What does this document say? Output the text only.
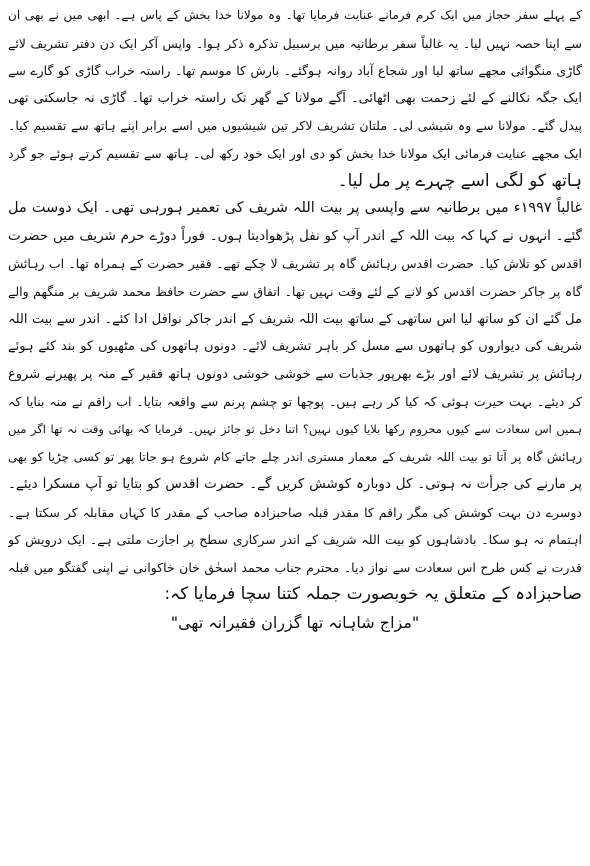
کے پہلے سفر حجاز میں ایک کرم فرمانے عنایت فرمایا تھا۔ وہ مولانا خدا بخش کے پاس ہے۔ ابھی میں نے بھی ان
سے اپنا حصہ نہیں لیا۔ یہ غالباً سفر برطانیہ میں برسبیل تذکرہ ذکر ہوا۔ واپس آکر ایک دن دفتر تشریف لائے
گاڑی منگوائی مجھے ساتھ لیا اور شجاع آباد روانہ ہوگئے۔ بارش کا موسم تھا۔ راستہ خراب گاڑی کو گارے سے
ایک جگہ نکالنے کے لئے زحمت بھی اٹھائی۔ آگے مولانا کے گھر تک راستہ خراب تھا۔ گاڑی نہ جاسکتی تھی
پیدل گئے۔ مولانا سے وہ شیشی لی۔ ملتان تشریف لاکر تین شیشیوں میں اسے برابر اپنے ہاتھ سے تقسیم کیا۔
ایک مجھے عنایت فرمائی ایک مولانا خدا بخش کو دی اور ایک خود رکھ لی۔ ہاتھ سے تقسیم کرتے ہوئے جو گرد
ہاتھ کو لگی اسے چہرے پر مل لیا۔
غالباً ۱۹۹۷ء میں برطانیہ سے واپسی پر بیت اللہ شریف کی تعمیر ہورہی تھی۔ ایک دوست مل
گئے۔ انہوں نے کہا کہ بیت اللہ کے اندر آپ کو نفل پڑھوادیتا ہوں۔ فوراً دوڑے حرم شریف میں حضرت
اقدس کو تلاش کیا۔ حضرت اقدس رہائش گاہ پر تشریف لا چکے تھے۔ فقیر حضرت کے ہمراہ تھا۔ اب رہائش
گاہ پر جاکر حضرت اقدس کو لانے کے لئے وقت نہیں تھا۔ اتفاق سے حضرت حافظ محمد شریف بر منگھم والے
مل گئے ان کو ساتھ لیا اس ساتھی کے ساتھ بیت اللہ شریف کے اندر جاکر نوافل ادا کئے۔ اندر سے بیت اللہ
شریف کی دیواروں کو ہاتھوں سے مسل کر باہر تشریف لائے۔ دونوں ہاتھوں کی مٹھیوں کو بند کئے ہوئے
رہائش پر تشریف لائے اور بڑے بھرپور جذبات سے خوشی خوشی دونوں ہاتھ فقیر کے منہ پر پھیرنے شروع
کر دیئے۔ بہت حیرت ہوئی کہ کیا کر رہے ہیں۔ پوچھا تو چشم پرنم سے واقعہ بتایا۔ اب راقم نے منہ بنایا کہ
ہمیں اس سعادت سے کیوں محروم رکھا بلایا کیوں نہیں؟ اتنا دخل تو جائز نہیں۔ فرمایا کہ بھائی وقت نہ تھا اگر میں
رہائش گاہ پر آتا تو بیت اللہ شریف کے معمار مستری اندر چلے جاتے کام شروع ہو جاتا پھر تو کسی چڑیا کو بھی
پر مارنے کی جرأت نہ ہوتی۔ کل دوبارہ کوشش کریں گے۔ حضرت اقدس کو بتایا تو آپ مسکرا دیئے۔
دوسرے دن بہت کوشش کی مگر راقم کا مقدر قبلہ صاحبزادہ صاحب کے مقدر کا کہاں مقابلہ کر سکتا ہے۔
اہتمام نہ ہو سکا۔ بادشاہوں کو بیت اللہ شریف کے اندر سرکاری سطح پر اجازت ملتی ہے۔ ایک درویش کو
قدرت نے کس طرح اس سعادت سے نواز دیا۔ محترم جناب محمد اسحٰق خان خاکوانی نے اپنی گفتگو میں قبلہ
صاحبزادہ کے متعلق یہ خوبصورت جملہ کتنا سچا فرمایا کہ:
"مزاج شاہانہ تھا گزران فقیرانہ تھی"
